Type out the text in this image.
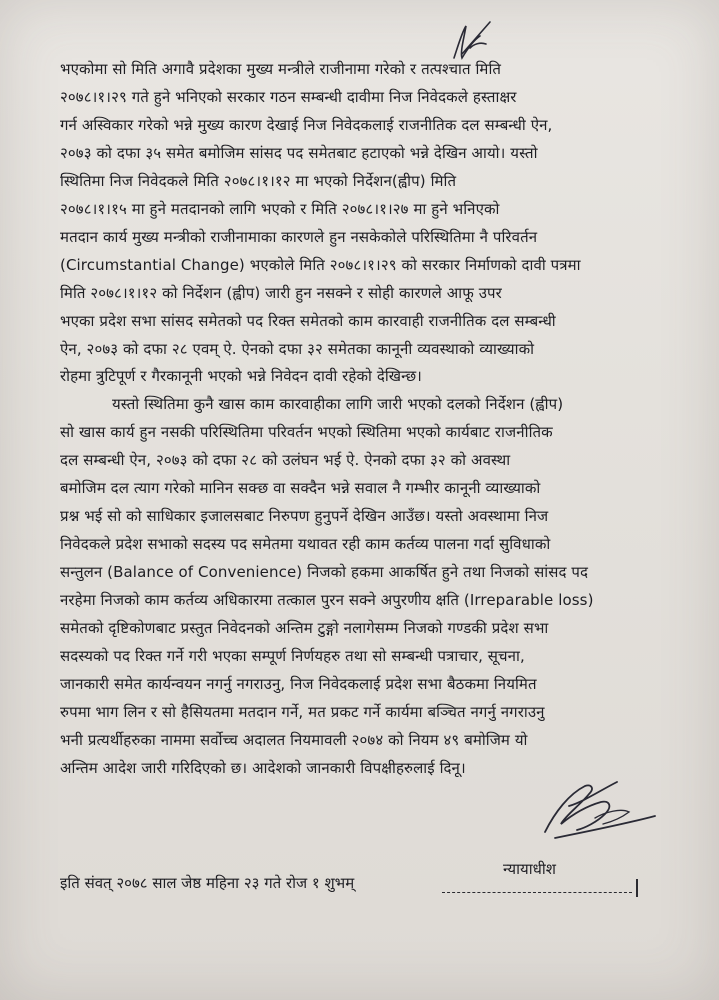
भएकोमा सो मिति अगावै प्रदेशका मुख्य मन्त्रीले राजीनामा गरेको र तत्पश्चात मिति
२०७८।१।२९ गते हुने भनिएको सरकार गठन सम्बन्धी दावीमा निज निवेदकले हस्ताक्षर
गर्न अस्विकार गरेको भन्ने मुख्य कारण देखाई निज निवेदकलाई राजनीतिक दल सम्बन्धी ऐन,
२०७३ को दफा ३५ समेत बमोजिम सांसद पद समेतबाट हटाएको भन्ने देखिन आयो। यस्तो
स्थितिमा निज निवेदकले मिति २०७८।१।१२ मा भएको निर्देशन(ह्वीप) मिति
२०७८।१।१५ मा हुने मतदानको लागि भएको र मिति २०७८।१।२७ मा हुने भनिएको
मतदान कार्य मुख्य मन्त्रीको राजीनामाका कारणले हुन नसकेकोले परिस्थितिमा नै परिवर्तन
(Circumstantial Change) भएकोले मिति २०७८।१।२९ को सरकार निर्माणको दावी पत्रमा
मिति २०७८।१।१२ को निर्देशन (ह्वीप) जारी हुन नसक्ने र सोही कारणले आफू उपर
भएका प्रदेश सभा सांसद समेतको पद रिक्त समेतको काम कारवाही राजनीतिक दल सम्बन्धी
ऐन, २०७३ को दफा २८ एवम् ऐ. ऐनको दफा ३२ समेतका कानूनी व्यवस्थाको व्याख्याको
रोहमा त्रुटिपूर्ण र गैरकानूनी भएको भन्ने निवेदन दावी रहेको देखिन्छ।
यस्तो स्थितिमा कुनै खास काम कारवाहीका लागि जारी भएको दलको निर्देशन (ह्वीप)
सो खास कार्य हुन नसकी परिस्थितिमा परिवर्तन भएको स्थितिमा भएको कार्यबाट राजनीतिक
दल सम्बन्धी ऐन, २०७३ को दफा २८ को उलंघन भई ऐ. ऐनको दफा ३२ को अवस्था
बमोजिम दल त्याग गरेको मानिन सक्छ वा सक्दैन भन्ने सवाल नै गम्भीर कानूनी व्याख्याको
प्रश्न भई सो को साधिकार इजालसबाट निरुपण हुनुपर्ने देखिन आउँछ। यस्तो अवस्थामा निज
निवेदकले प्रदेश सभाको सदस्य पद समेतमा यथावत रही काम कर्तव्य पालना गर्दा सुविधाको
सन्तुलन (Balance of Convenience) निजको हकमा आकर्षित हुने तथा निजको सांसद पद
नरहेमा निजको काम कर्तव्य अधिकारमा तत्काल पुरन सक्ने अपुरणीय क्षति (Irreparable loss)
समेतको दृष्टिकोणबाट प्रस्तुत निवेदनको अन्तिम टुङ्गो नलागेसम्म निजको गण्डकी प्रदेश सभा
सदस्यको पद रिक्त गर्ने गरी भएका सम्पूर्ण निर्णयहरु तथा सो सम्बन्धी पत्राचार, सूचना,
जानकारी समेत कार्यन्वयन नगर्नु नगराउनु, निज निवेदकलाई प्रदेश सभा बैठकमा नियमित
रुपमा भाग लिन र सो हैसियतमा मतदान गर्ने, मत प्रकट गर्ने कार्यमा बञ्चित नगर्नु नगराउनु
भनी प्रत्यर्थीहरुका नाममा सर्वोच्च अदालत नियमावली २०७४ को नियम ४९ बमोजिम यो
अन्तिम आदेश जारी गरिदिएको छ। आदेशको जानकारी विपक्षीहरुलाई दिनू।
न्यायाधीश
इति संवत् २०७८ साल जेष्ठ महिना २३ गते रोज १ शुभम्
